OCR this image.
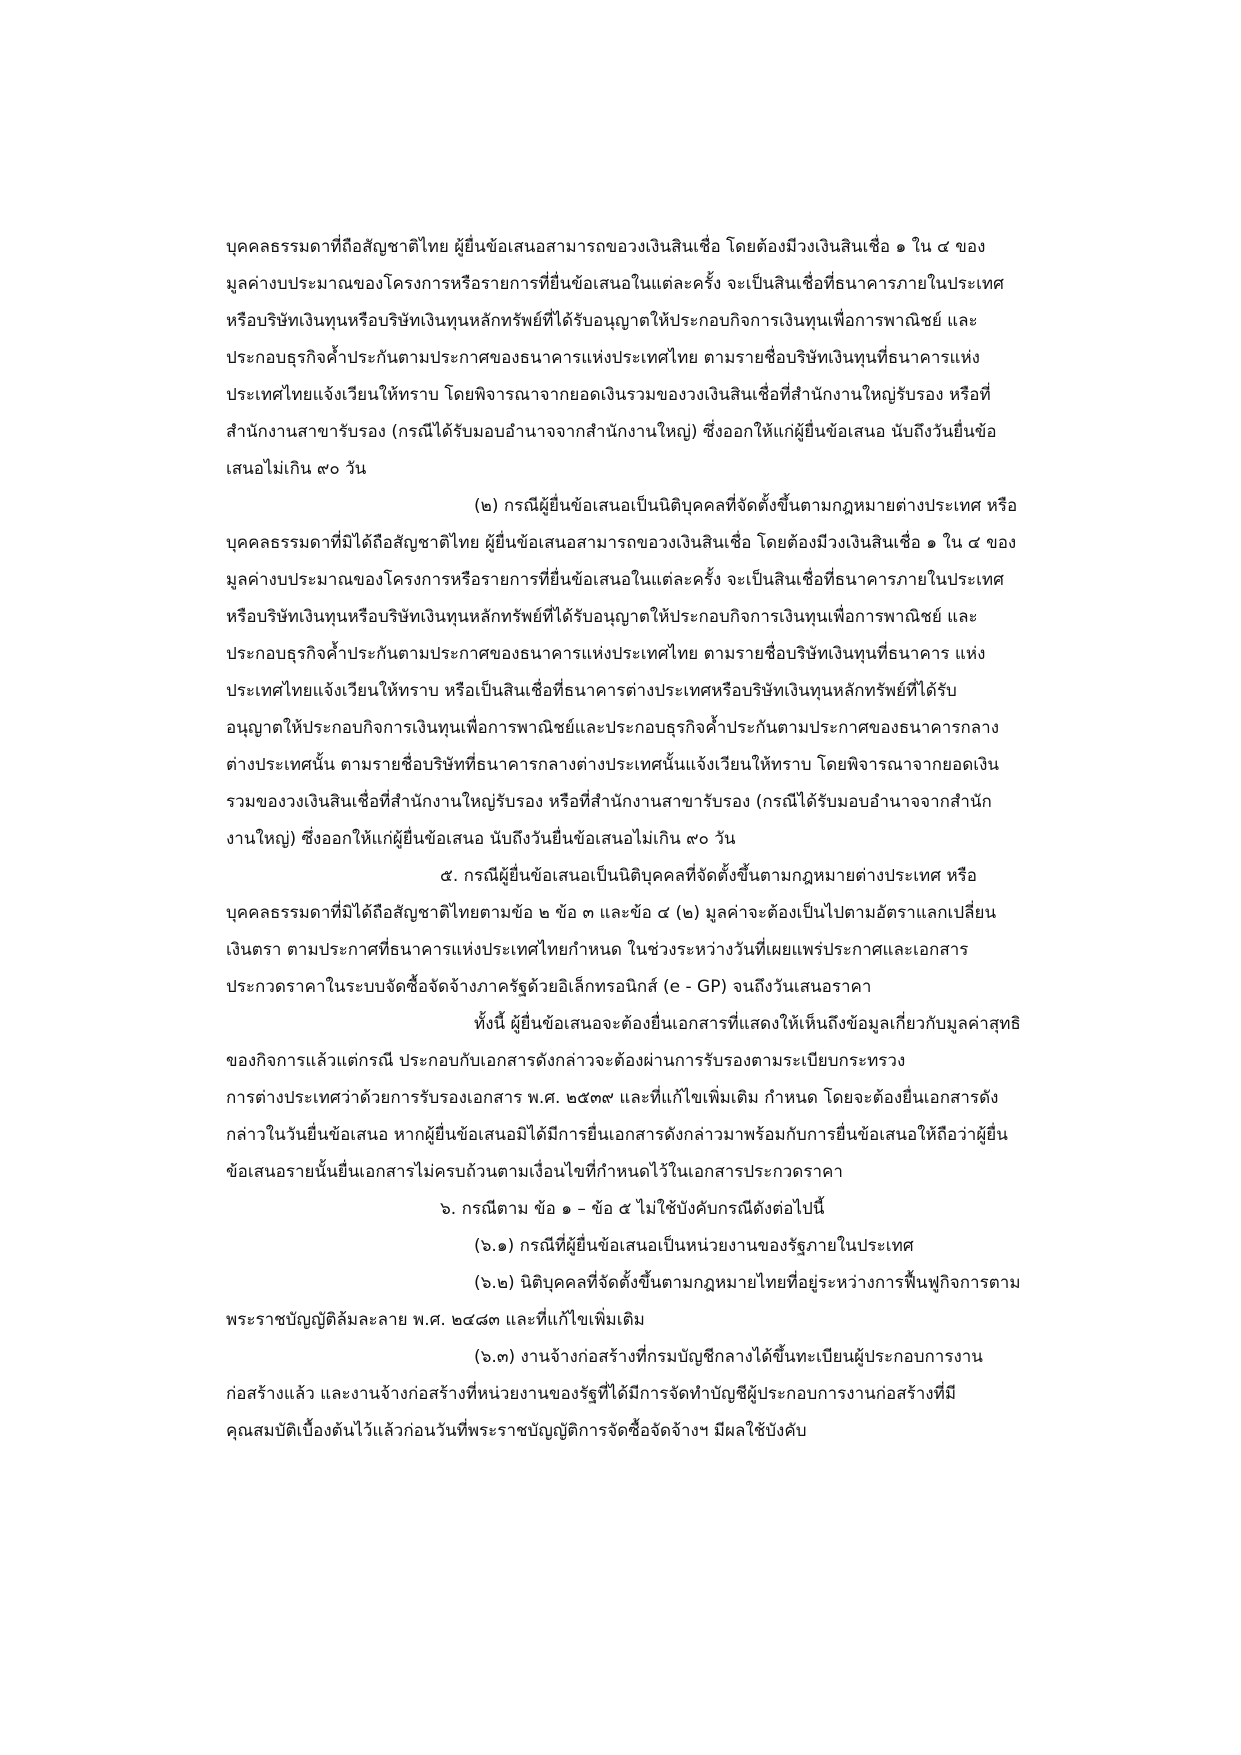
บุคคลธรรมดาที่ถือสัญชาติไทย ผู้ยื่นข้อเสนอสามารถขอวงเงินสินเชื่อ โดยต้องมีวงเงินสินเชื่อ ๑ ใน ๔ ของ
มูลค่างบประมาณของโครงการหรือรายการที่ยื่นข้อเสนอในแต่ละครั้ง จะเป็นสินเชื่อที่ธนาคารภายในประเทศ
หรือบริษัทเงินทุนหรือบริษัทเงินทุนหลักทรัพย์ที่ได้รับอนุญาตให้ประกอบกิจการเงินทุนเพื่อการพาณิชย์ และ
ประกอบธุรกิจค้ำประกันตามประกาศของธนาคารแห่งประเทศไทย ตามรายชื่อบริษัทเงินทุนที่ธนาคารแห่ง
ประเทศไทยแจ้งเวียนให้ทราบ โดยพิจารณาจากยอดเงินรวมของวงเงินสินเชื่อที่สำนักงานใหญ่รับรอง หรือที่
สำนักงานสาขารับรอง (กรณีได้รับมอบอำนาจจากสำนักงานใหญ่) ซึ่งออกให้แก่ผู้ยื่นข้อเสนอ นับถึงวันยื่นข้อ
เสนอไม่เกิน ๙๐ วัน
(๒) กรณีผู้ยื่นข้อเสนอเป็นนิติบุคคลที่จัดตั้งขึ้นตามกฎหมายต่างประเทศ หรือ
บุคคลธรรมดาที่มิได้ถือสัญชาติไทย ผู้ยื่นข้อเสนอสามารถขอวงเงินสินเชื่อ โดยต้องมีวงเงินสินเชื่อ ๑ ใน ๔ ของ
มูลค่างบประมาณของโครงการหรือรายการที่ยื่นข้อเสนอในแต่ละครั้ง จะเป็นสินเชื่อที่ธนาคารภายในประเทศ
หรือบริษัทเงินทุนหรือบริษัทเงินทุนหลักทรัพย์ที่ได้รับอนุญาตให้ประกอบกิจการเงินทุนเพื่อการพาณิชย์ และ
ประกอบธุรกิจค้ำประกันตามประกาศของธนาคารแห่งประเทศไทย ตามรายชื่อบริษัทเงินทุนที่ธนาคาร แห่ง
ประเทศไทยแจ้งเวียนให้ทราบ หรือเป็นสินเชื่อที่ธนาคารต่างประเทศหรือบริษัทเงินทุนหลักทรัพย์ที่ได้รับ
อนุญาตให้ประกอบกิจการเงินทุนเพื่อการพาณิชย์และประกอบธุรกิจค้ำประกันตามประกาศของธนาคารกลาง
ต่างประเทศนั้น ตามรายชื่อบริษัทที่ธนาคารกลางต่างประเทศนั้นแจ้งเวียนให้ทราบ โดยพิจารณาจากยอดเงิน
รวมของวงเงินสินเชื่อที่สำนักงานใหญ่รับรอง หรือที่สำนักงานสาขารับรอง (กรณีได้รับมอบอำนาจจากสำนัก
งานใหญ่) ซึ่งออกให้แก่ผู้ยื่นข้อเสนอ นับถึงวันยื่นข้อเสนอไม่เกิน ๙๐ วัน
๕. กรณีผู้ยื่นข้อเสนอเป็นนิติบุคคลที่จัดตั้งขึ้นตามกฎหมายต่างประเทศ หรือ
บุคคลธรรมดาที่มิได้ถือสัญชาติไทยตามข้อ ๒ ข้อ ๓ และข้อ ๔ (๒) มูลค่าจะต้องเป็นไปตามอัตราแลกเปลี่ยน
เงินตรา ตามประกาศที่ธนาคารแห่งประเทศไทยกำหนด ในช่วงระหว่างวันที่เผยแพร่ประกาศและเอกสาร
ประกวดราคาในระบบจัดซื้อจัดจ้างภาครัฐด้วยอิเล็กทรอนิกส์ (e - GP) จนถึงวันเสนอราคา
ทั้งนี้ ผู้ยื่นข้อเสนอจะต้องยื่นเอกสารที่แสดงให้เห็นถึงข้อมูลเกี่ยวกับมูลค่าสุทธิ
ของกิจการแล้วแต่กรณี ประกอบกับเอกสารดังกล่าวจะต้องผ่านการรับรองตามระเบียบกระทรวง
การต่างประเทศว่าด้วยการรับรองเอกสาร พ.ศ. ๒๕๓๙ และที่แก้ไขเพิ่มเติม กำหนด โดยจะต้องยื่นเอกสารดัง
กล่าวในวันยื่นข้อเสนอ หากผู้ยื่นข้อเสนอมิได้มีการยื่นเอกสารดังกล่าวมาพร้อมกับการยื่นข้อเสนอให้ถือว่าผู้ยื่น
ข้อเสนอรายนั้นยื่นเอกสารไม่ครบถ้วนตามเงื่อนไขที่กำหนดไว้ในเอกสารประกวดราคา
๖. กรณีตาม ข้อ ๑ – ข้อ ๕ ไม่ใช้บังคับกรณีดังต่อไปนี้
(๖.๑) กรณีที่ผู้ยื่นข้อเสนอเป็นหน่วยงานของรัฐภายในประเทศ
(๖.๒) นิติบุคคลที่จัดตั้งขึ้นตามกฎหมายไทยที่อยู่ระหว่างการฟื้นฟูกิจการตาม
พระราชบัญญัติล้มละลาย พ.ศ. ๒๔๘๓ และที่แก้ไขเพิ่มเติม
(๖.๓) งานจ้างก่อสร้างที่กรมบัญชีกลางได้ขึ้นทะเบียนผู้ประกอบการงาน
ก่อสร้างแล้ว และงานจ้างก่อสร้างที่หน่วยงานของรัฐที่ได้มีการจัดทำบัญชีผู้ประกอบการงานก่อสร้างที่มี
คุณสมบัติเบื้องต้นไว้แล้วก่อนวันที่พระราชบัญญัติการจัดซื้อจัดจ้างฯ มีผลใช้บังคับ
